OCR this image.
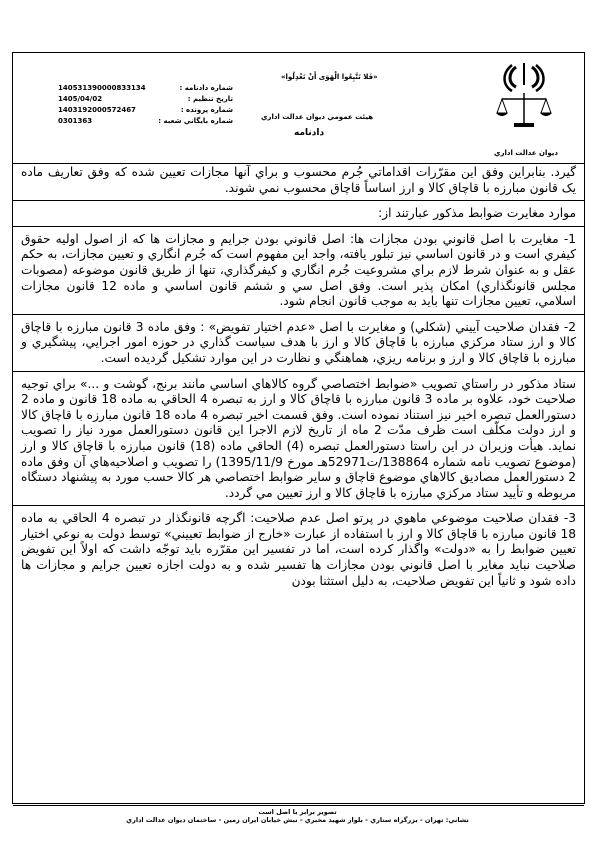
ديوان عدالت اداري
«فَلا تَتَّبِعُوا الْهَوَى أَنْ تَعْدِلُوا»
هيئت عمومي ديوان عدالت اداري
دادنامه
140531390000833134	شماره دادنامه :
1405/04/02	تاريخ تنظيم :
1403192000572467	شماره پرونده :
0301363	شماره بايگاني شعبه :

گيرد. بنابراين وفق اين مقرّرات اقداماتي جُرم محسوب و براي آنها مجازات تعيين شده كه وفق تعاريف ماده يک قانون مبارزه با قاچاق كالا و ارز اساساً قاچاق محسوب نمي شوند.

موارد مغايرت ضوابط مذكور عبارتند از:

1- مغايرت با اصل قانوني بودن مجازات ها: اصل قانوني بودن جرايم و مجازات ها كه از اصول اوليه حقوق كيفري است و در قانون اساسي نيز تبلور يافته، واجد اين مفهوم است كه جُرم انگاري و تعيين مجازات، به حكم عقل و به عنوان شرط لازم براي مشروعيت جُرم انگاري و كيفرگذاري، تنها از طريق قانون موضوعه (مصوبات مجلس قانونگذاري) امكان پذير است. وفق اصل سي و ششم قانون اساسي و ماده 12 قانون مجازات اسلامي، تعيين مجازات تنها بايد به موجب قانون انجام شود.

2- فقدان صلاحيت آييني (شكلي) و مغايرت با اصل «عدم اختيار تفويض» : وفق ماده 3 قانون مبارزه با قاچاق كالا و ارز ستاد مركزي مبارزه با قاچاق كالا و ارز با هدف سياست گذاري در حوزه امور اجرايي، پيشگيري و مبارزه با قاچاق كالا و ارز و برنامه ريزي، هماهنگي و نظارت در اين موارد تشكيل گرديده است.

ستاد مذكور در راستاي تصويب «ضوابط اختصاصي گروه كالاهاي اساسي مانند برنج، گوشت و ...» براي توجيه صلاحيت خود، علاوه بر ماده 3 قانون مبارزه با قاچاق كالا و ارز به تبصره 4 الحاقي به ماده 18 قانون و ماده 2 دستورالعمل تبصره اخير نيز استناد نموده است. وفق قسمت اخير تبصره 4 ماده 18 قانون مبارزه با قاچاق كالا و ارز دولت مكلّف است ظرف مدّت 2 ماه از تاريخ لازم الاجرا اين قانون دستورالعمل مورد نياز را تصويب نمايد. هيأت وزيران در اين راستا دستورالعمل تبصره (4) الحاقي ماده (18) قانون مبارزه با قاچاق كالا و ارز (موضوع تصويب نامه شماره 138864/ت52971هـ مورخ 1395/11/9) را تصويب و اصلاحيه‌هاي آن وفق ماده 2 دستورالعمل مصاديق كالاهاي موضوع قاچاق و ساير ضوابط اختصاصي هر كالا حسب مورد به پيشنهاد دستگاه مربوطه و تأييد ستاد مركزي مبارزه با قاچاق كالا و ارز تعيين مي گردد.

3- فقدان صلاحيت موضوعي ماهوي در پرتو اصل عدم صلاحيت: اگرچه قانونگذار در تبصره 4 الحاقي به ماده 18 قانون مبارزه با قاچاق كالا و ارز با استفاده از عبارت «خارج از ضوابط تعييني» توسط دولت به نوعي اختيار تعيين ضوابط را به «دولت» واگذار كرده است، اما در تفسير اين مقرّره بايد توجّه داشت كه اولاً اين تفويض صلاحيت نبايد مغاير با اصل قانوني بودن مجازات ها تفسير شده و به دولت اجازه تعيين جرايم و مجازات ها داده شود و ثانياً اين تفويض صلاحيت، به دليل استثنا بودن

تصوير برابر با اصل است
نشاني: تهران - بزرگراه ستاري - بلوار شهيد مخبري - نبش خيابان ايران زمين - ساختمان ديوان عدالت اداري
